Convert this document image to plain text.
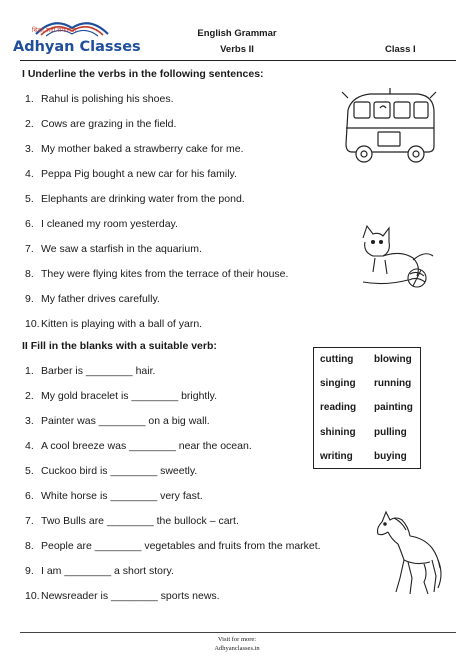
शिक्षा सदा सफलता
Adhyan Classes
English Grammar
Verbs II	Class I
I Underline the verbs in the following sentences:
1. Rahul is polishing his shoes.
2. Cows are grazing in the field.
3. My mother baked a strawberry cake for me.
4. Peppa Pig bought a new car for his family.
5. Elephants are drinking water from the pond.
6. I cleaned my room yesterday.
7. We saw a starfish in the aquarium.
8. They were flying kites from the terrace of their house.
9. My father drives carefully.
10.Kitten is playing with a ball of yarn.
II Fill in the blanks with a suitable verb:
1. Barber is ________ hair.
2. My gold bracelet is ________ brightly.
3. Painter was ________ on a big wall.
4. A cool breeze was ________ near the ocean.
5. Cuckoo bird is ________ sweetly.
6. White horse is ________ very fast.
7. Two Bulls are ________ the bullock – cart.
8. People are ________ vegetables and fruits from the market.
9. I am ________ a short story.
10.Newsreader is ________ sports news.
cutting blowing
singing running
reading painting
shining pulling
writing buying
Visit for more:
Adhyanclasses.in
